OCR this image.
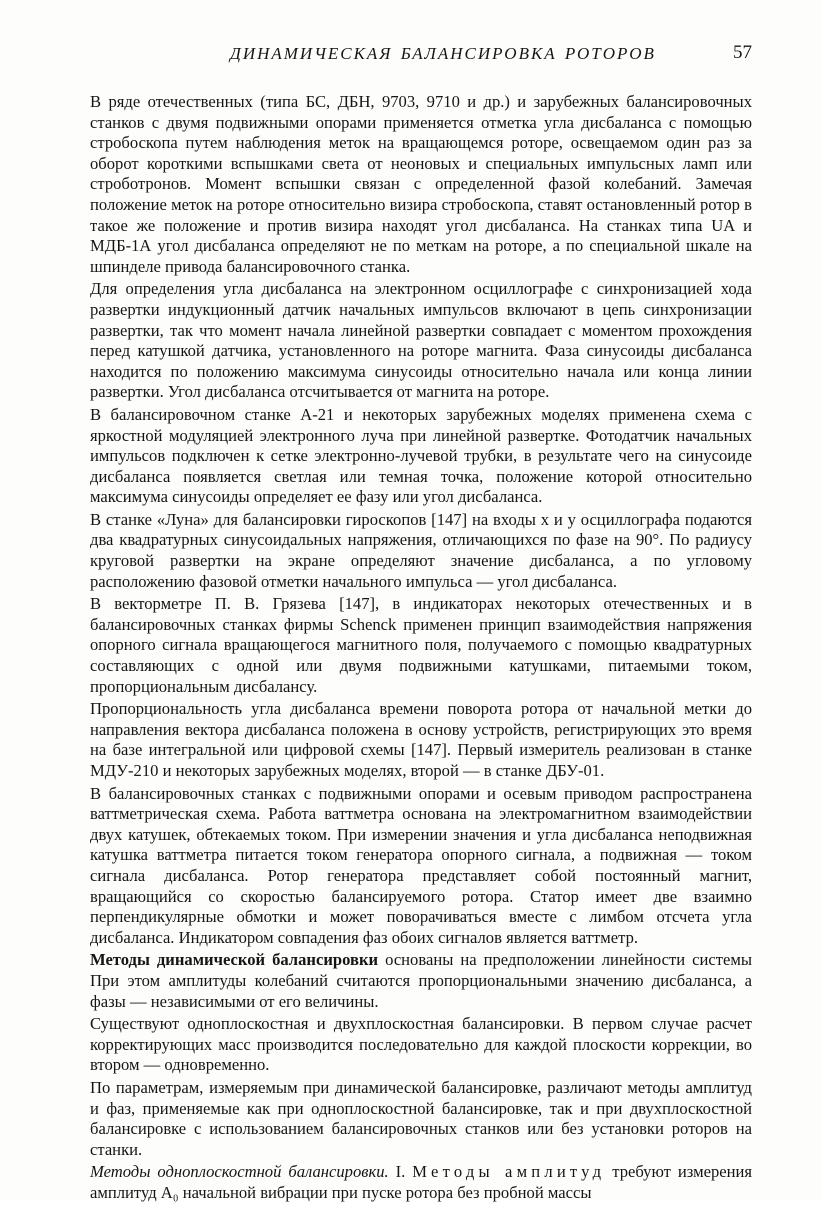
ДИНАМИЧЕСКАЯ БАЛАНСИРОВКА РОТОРОВ	57

В ряде отечественных (типа БС, ДБН, 9703, 9710 и др.) и зарубежных балансировочных станков с двумя подвижными опорами применяется отметка угла дисбаланса с помощью стробоскопа путем наблюдения меток на вращающемся роторе, освещаемом один раз за оборот короткими вспышками света от неоновых и специальных импульсных ламп или строботронов. Момент вспышки связан с определенной фазой колебаний. Замечая положение меток на роторе относительно визира стробоскопа, ставят остановленный ротор в такое же положение и против визира находят угол дисбаланса. На станках типа UA и МДБ-1А угол дисбаланса определяют не по меткам на роторе, а по специальной шкале на шпинделе привода балансировочного станка.

Для определения угла дисбаланса на электронном осциллографе с синхронизацией хода развертки индукционный датчик начальных импульсов включают в цепь синхронизации развертки, так что момент начала линейной развертки совпадает с моментом прохождения перед катушкой датчика, установленного на роторе магнита. Фаза синусоиды дисбаланса находится по положению максимума синусоиды относительно начала или конца линии развертки. Угол дисбаланса отсчитывается от магнита на роторе.

В балансировочном станке А-21 и некоторых зарубежных моделях применена схема с яркостной модуляцией электронного луча при линейной развертке. Фотодатчик начальных импульсов подключен к сетке электронно-лучевой трубки, в результате чего на синусоиде дисбаланса появляется светлая или темная точка, положение которой относительно максимума синусоиды определяет ее фазу или угол дисбаланса.

В станке «Луна» для балансировки гироскопов [147] на входы x и y осциллографа подаются два квадратурных синусоидальных напряжения, отличающихся по фазе на 90°. По радиусу круговой развертки на экране определяют значение дисбаланса, а по угловому расположению фазовой отметки начального импульса — угол дисбаланса.

В векторметре П. В. Грязева [147], в индикаторах некоторых отечественных и в балансировочных станках фирмы Schenck применен принцип взаимодействия напряжения опорного сигнала вращающегося магнитного поля, получаемого с помощью квадратурных составляющих с одной или двумя подвижными катушками, питаемыми током, пропорциональным дисбалансу.

Пропорциональность угла дисбаланса времени поворота ротора от начальной метки до направления вектора дисбаланса положена в основу устройств, регистрирующих это время на базе интегральной или цифровой схемы [147]. Первый измеритель реализован в станке МДУ-210 и некоторых зарубежных моделях, второй — в станке ДБУ-01.

В балансировочных станках с подвижными опорами и осевым приводом распространена ваттметрическая схема. Работа ваттметра основана на электромагнитном взаимодействии двух катушек, обтекаемых током. При измерении значения и угла дисбаланса неподвижная катушка ваттметра питается током генератора опорного сигнала, а подвижная — током сигнала дисбаланса. Ротор генератора представляет собой постоянный магнит, вращающийся со скоростью балансируемого ротора. Статор имеет две взаимно перпендикулярные обмотки и может поворачиваться вместе с лимбом отсчета угла дисбаланса. Индикатором совпадения фаз обоих сигналов является ваттметр.

Методы динамической балансировки основаны на предположении линейности системы При этом амплитуды колебаний считаются пропорциональными значению дисбаланса, а фазы — независимыми от его величины.

Существуют одноплоскостная и двухплоскостная балансировки. В первом случае расчет корректирующих масс производится последовательно для каждой плоскости коррекции, во втором — одновременно.

По параметрам, измеряемым при динамической балансировке, различают методы амплитуд и фаз, применяемые как при одноплоскостной балансировке, так и при двухплоскостной балансировке с использованием балансировочных станков или без установки роторов на станки.

Методы одноплоскостной балансировки. I. Методы амплитуд требуют измерения амплитуд A₀ начальной вибрации при пуске ротора без пробной массы
